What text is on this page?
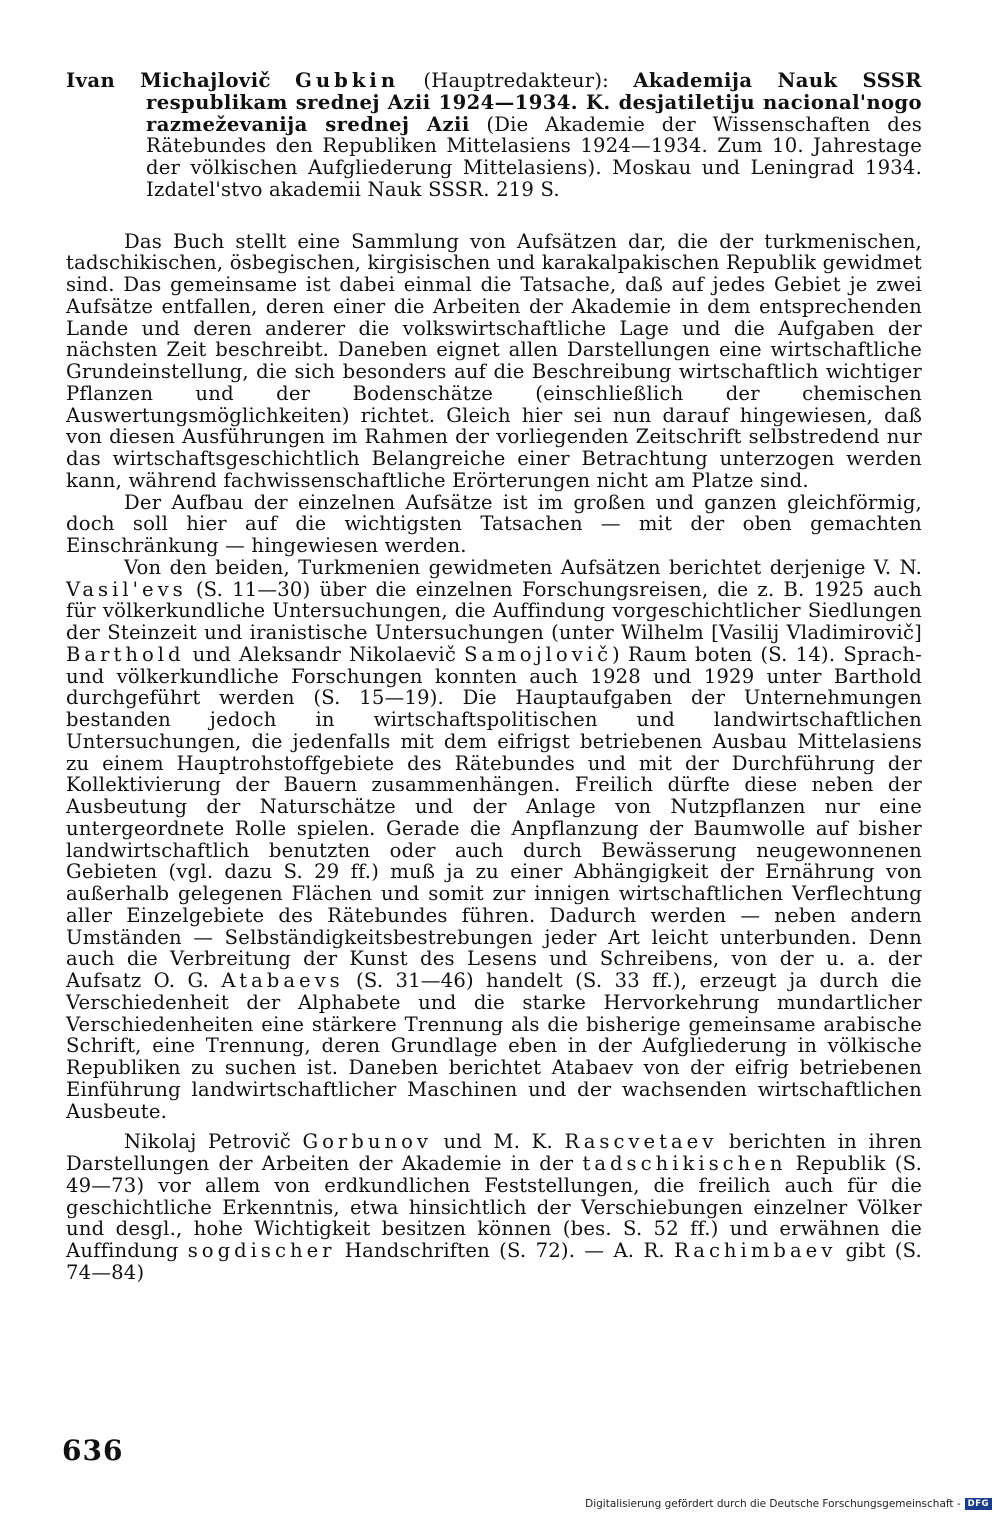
Ivan Michajlovič Gubkin (Hauptredakteur): Akademija Nauk SSSR respublikam srednej Azii 1924—1934. K. desjatiletiju nacional'nogo razmeževanija srednej Azii (Die Akademie der Wissenschaften des Rätebundes den Republiken Mittelasiens 1924—1934. Zum 10. Jahrestage der völkischen Aufgliederung Mittelasiens). Moskau und Leningrad 1934. Izdatel'stvo akademii Nauk SSSR. 219 S.

Das Buch stellt eine Sammlung von Aufsätzen dar, die der turkmenischen, tadschikischen, ösbegischen, kirgisischen und karakalpakischen Republik gewidmet sind. Das gemeinsame ist dabei einmal die Tatsache, daß auf jedes Gebiet je zwei Aufsätze entfallen, deren einer die Arbeiten der Akademie in dem entsprechenden Lande und deren anderer die volkswirtschaftliche Lage und die Aufgaben der nächsten Zeit beschreibt. Daneben eignet allen Darstellungen eine wirtschaftliche Grundeinstellung, die sich besonders auf die Beschreibung wirtschaftlich wichtiger Pflanzen und der Bodenschätze (einschließlich der chemischen Auswertungsmöglichkeiten) richtet. Gleich hier sei nun darauf hingewiesen, daß von diesen Ausführungen im Rahmen der vorliegenden Zeitschrift selbstredend nur das wirtschaftsgeschichtlich Belangreiche einer Betrachtung unterzogen werden kann, während fachwissenschaftliche Erörterungen nicht am Platze sind.

Der Aufbau der einzelnen Aufsätze ist im großen und ganzen gleichförmig, doch soll hier auf die wichtigsten Tatsachen — mit der oben gemachten Einschränkung — hingewiesen werden.

Von den beiden, Turkmenien gewidmeten Aufsätzen berichtet derjenige V. N. Vasil'evs (S. 11—30) über die einzelnen Forschungsreisen, die z. B. 1925 auch für völkerkundliche Untersuchungen, die Auffindung vorgeschichtlicher Siedlungen der Steinzeit und iranistische Untersuchungen (unter Wilhelm [Vasilij Vladimirovič] Barthold und Aleksandr Nikolaevič Samojlovič) Raum boten (S. 14). Sprach- und völkerkundliche Forschungen konnten auch 1928 und 1929 unter Barthold durchgeführt werden (S. 15—19). Die Hauptaufgaben der Unternehmungen bestanden jedoch in wirtschaftspolitischen und landwirtschaftlichen Untersuchungen, die jedenfalls mit dem eifrigst betriebenen Ausbau Mittelasiens zu einem Hauptrohstoffgebiete des Rätebundes und mit der Durchführung der Kollektivierung der Bauern zusammenhängen. Freilich dürfte diese neben der Ausbeutung der Naturschätze und der Anlage von Nutzpflanzen nur eine untergeordnete Rolle spielen. Gerade die Anpflanzung der Baumwolle auf bisher landwirtschaftlich benutzten oder auch durch Bewässerung neugewonnenen Gebieten (vgl. dazu S. 29 ff.) muß ja zu einer Abhängigkeit der Ernährung von außerhalb gelegenen Flächen und somit zur innigen wirtschaftlichen Verflechtung aller Einzelgebiete des Rätebundes führen. Dadurch werden — neben andern Umständen — Selbständigkeitsbestrebungen jeder Art leicht unterbunden. Denn auch die Verbreitung der Kunst des Lesens und Schreibens, von der u. a. der Aufsatz O. G. Atabaevs (S. 31—46) handelt (S. 33 ff.), erzeugt ja durch die Verschiedenheit der Alphabete und die starke Hervorkehrung mundartlicher Verschiedenheiten eine stärkere Trennung als die bisherige gemeinsame arabische Schrift, eine Trennung, deren Grundlage eben in der Aufgliederung in völkische Republiken zu suchen ist. Daneben berichtet Atabaev von der eifrig betriebenen Einführung landwirtschaftlicher Maschinen und der wachsenden wirtschaftlichen Ausbeute.

Nikolaj Petrovič Gorbunov und M. K. Rascvetaev berichten in ihren Darstellungen der Arbeiten der Akademie in der tadschikischen Republik (S. 49—73) vor allem von erdkundlichen Feststellungen, die freilich auch für die geschichtliche Erkenntnis, etwa hinsichtlich der Verschiebungen einzelner Völker und desgl., hohe Wichtigkeit besitzen können (bes. S. 52 ff.) und erwähnen die Auffindung sogdischer Handschriften (S. 72). — A. R. Rachimbaev gibt (S. 74—84)

636
Digitalisierung gefördert durch die Deutsche Forschungsgemeinschaft - DFG
